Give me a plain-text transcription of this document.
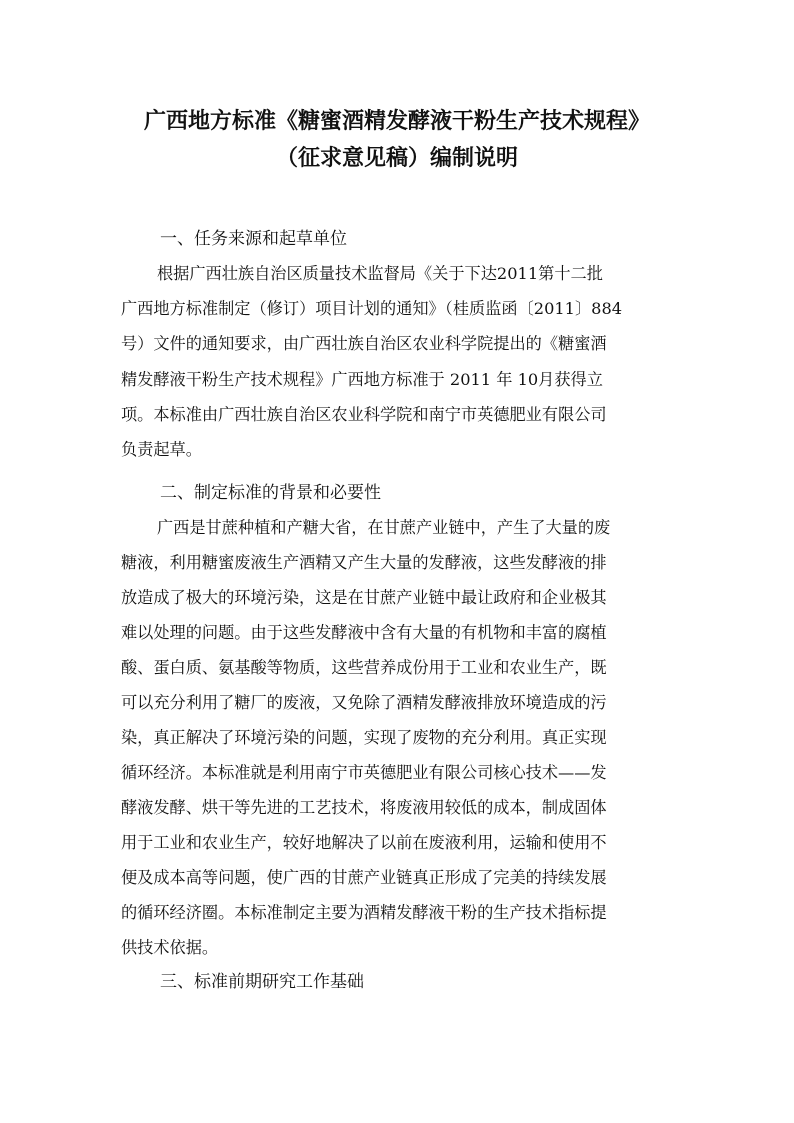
广西地方标准《糖蜜酒精发酵液干粉生产技术规程》
（征求意见稿）编制说明
一、任务来源和起草单位
根据广西壮族自治区质量技术监督局《关于下达2011第十二批
广西地方标准制定（修订）项目计划的通知》（桂质监函〔2011〕884
号）文件的通知要求，由广西壮族自治区农业科学院提出的《糖蜜酒
精发酵液干粉生产技术规程》广西地方标准于 2011 年 10月获得立
项。本标准由广西壮族自治区农业科学院和南宁市英德肥业有限公司
负责起草。
二、制定标准的背景和必要性
广西是甘蔗种植和产糖大省，在甘蔗产业链中，产生了大量的废
糖液，利用糖蜜废液生产酒精又产生大量的发酵液，这些发酵液的排
放造成了极大的环境污染，这是在甘蔗产业链中最让政府和企业极其
难以处理的问题。由于这些发酵液中含有大量的有机物和丰富的腐植
酸、蛋白质、氨基酸等物质，这些营养成份用于工业和农业生产，既
可以充分利用了糖厂的废液，又免除了酒精发酵液排放环境造成的污
染，真正解决了环境污染的问题，实现了废物的充分利用。真正实现
循环经济。本标准就是利用南宁市英德肥业有限公司核心技术——发
酵液发酵、烘干等先进的工艺技术，将废液用较低的成本，制成固体
用于工业和农业生产，较好地解决了以前在废液利用，运输和使用不
便及成本高等问题，使广西的甘蔗产业链真正形成了完美的持续发展
的循环经济圈。本标准制定主要为酒精发酵液干粉的生产技术指标提
供技术依据。
三、标准前期研究工作基础
